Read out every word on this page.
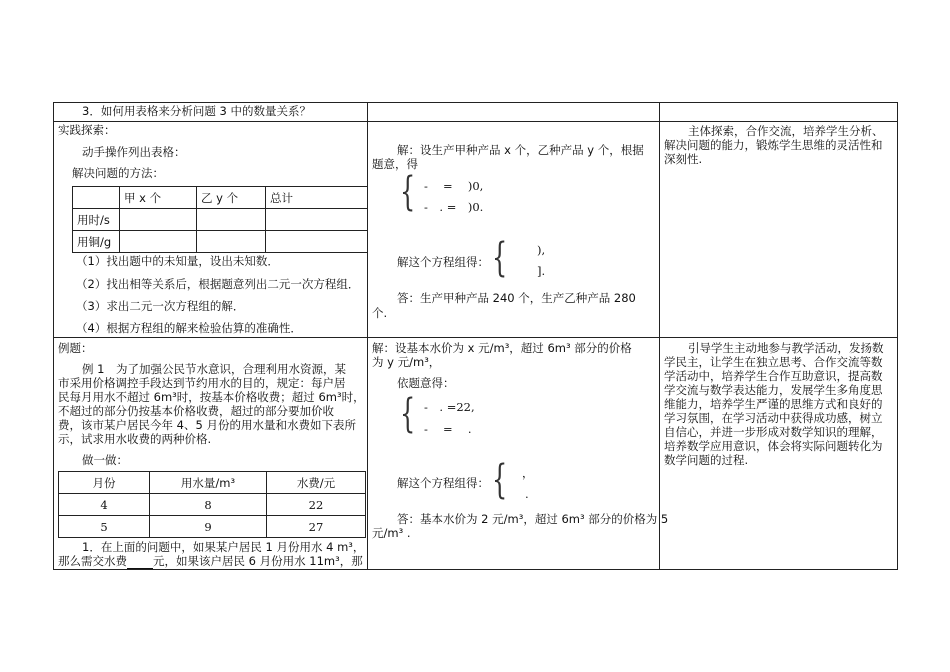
3．如何用表格来分析问题 3 中的数量关系？
实践探索：
动手操作列出表格：
解决问题的方法：
	甲 x 个	乙 y 个	总计
用时/s			
用铜/g			
（1）找出题中的未知量，设出未知数．
（2）找出相等关系后，根据题意列出二元一次方程组．
（3）求出二元一次方程组的解．
（4）根据方程组的解来检验估算的准确性．
解：设生产甲种产品 x 个，乙种产品 y 个，根据
题意，得
{ -　 =　 )0,
-　. =　)0.
解这个方程组得： {	),
].
答：生产甲种产品 240 个，生产乙种产品 280
个.
主体探索，合作交流，培养学生分析、
解决问题的能力，锻炼学生思维的灵活性和
深刻性.
例题：
例 1　为了加强公民节水意识，合理利用水资源，某
市采用价格调控手段达到节约用水的目的，规定：每户居
民每月用水不超过 6m³时，按基本价格收费；超过 6m³时，
不超过的部分仍按基本价格收费，超过的部分要加价收
费，该市某户居民今年 4、5 月份的用水量和水费如下表所
示，试求用水收费的两种价格.
做一做：
月份	用水量/m³	水费/元
4	8	22
5	9	27
1．在上面的问题中，如果某户居民 1 月份用水 4 m³，
那么需交水费 元，如果该户居民 6 月份用水 11m³，那
解：设基本水价为 x 元/m³，超过 6m³ 部分的价格
为 y 元/m³，
依题意得：
{ -　. =22,
-　 =　 .
解这个方程组得： { ，
.
答：基本水价为 2 元/m³，超过 6m³ 部分的价格为 5
元/m³ .
引导学生主动地参与教学活动，发扬数
学民主，让学生在独立思考、合作交流等数
学活动中，培养学生合作互助意识，提高数
学交流与数学表达能力，发展学生多角度思
维能力，培养学生严谨的思维方式和良好的
学习氛围，在学习活动中获得成功感，树立
自信心，并进一步形成对数学知识的理解，
培养数学应用意识，体会将实际问题转化为
数学问题的过程.
